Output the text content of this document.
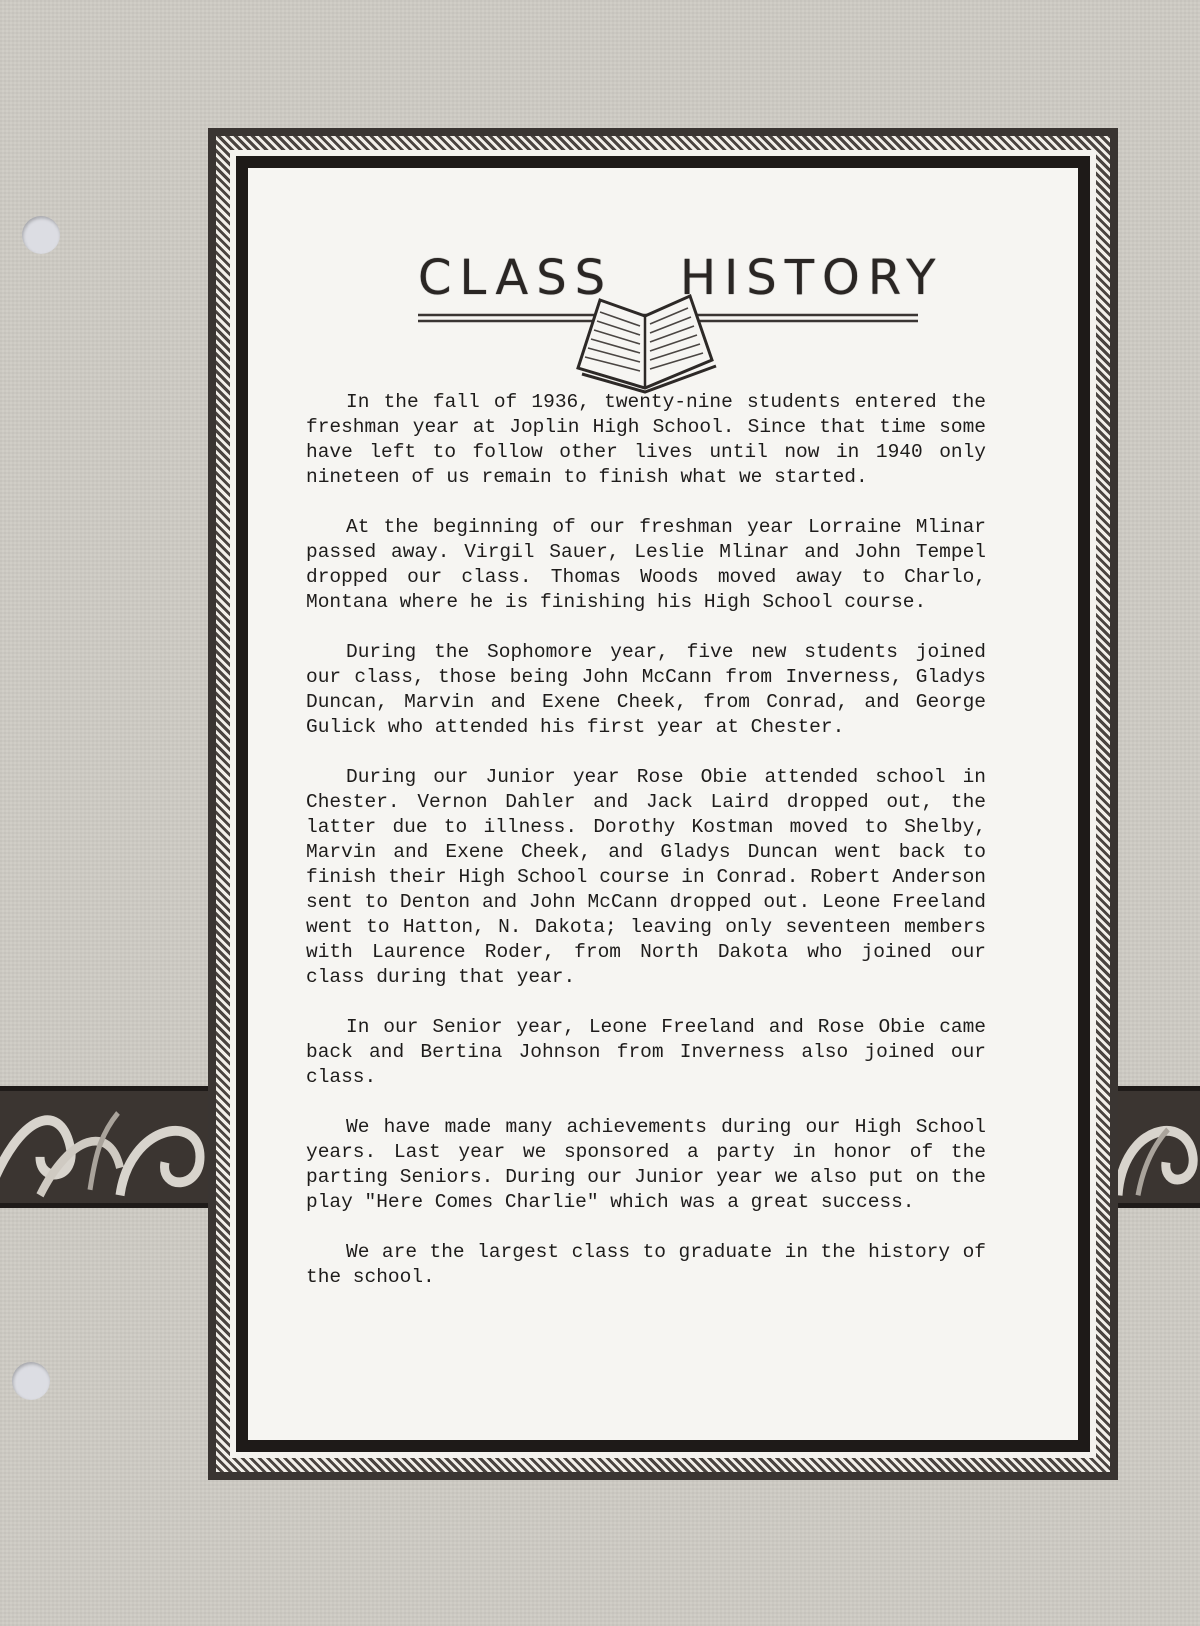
CLASS HISTORY

In the fall of 1936, twenty-nine students entered the freshman year at Joplin High School. Since that time some have left to follow other lives until now in 1940 only nineteen of us remain to finish what we started.

At the beginning of our freshman year Lorraine Mlinar passed away. Virgil Sauer, Leslie Mlinar and John Tempel dropped our class. Thomas Woods moved away to Charlo, Montana where he is finishing his High School course.

During the Sophomore year, five new students joined our class, those being John McCann from Inverness, Gladys Duncan, Marvin and Exene Cheek, from Conrad, and George Gulick who attended his first year at Chester.

During our Junior year Rose Obie attended school in Chester. Vernon Dahler and Jack Laird dropped out, the latter due to illness. Dorothy Kostman moved to Shelby, Marvin and Exene Cheek, and Gladys Duncan went back to finish their High School course in Conrad. Robert Anderson sent to Denton and John McCann dropped out. Leone Freeland went to Hatton, N. Dakota; leaving only seventeen members with Laurence Roder, from North Dakota who joined our class during that year.

In our Senior year, Leone Freeland and Rose Obie came back and Bertina Johnson from Inverness also joined our class.

We have made many achievements during our High School years. Last year we sponsored a party in honor of the parting Seniors. During our Junior year we also put on the play "Here Comes Charlie" which was a great success.

We are the largest class to graduate in the history of the school.
